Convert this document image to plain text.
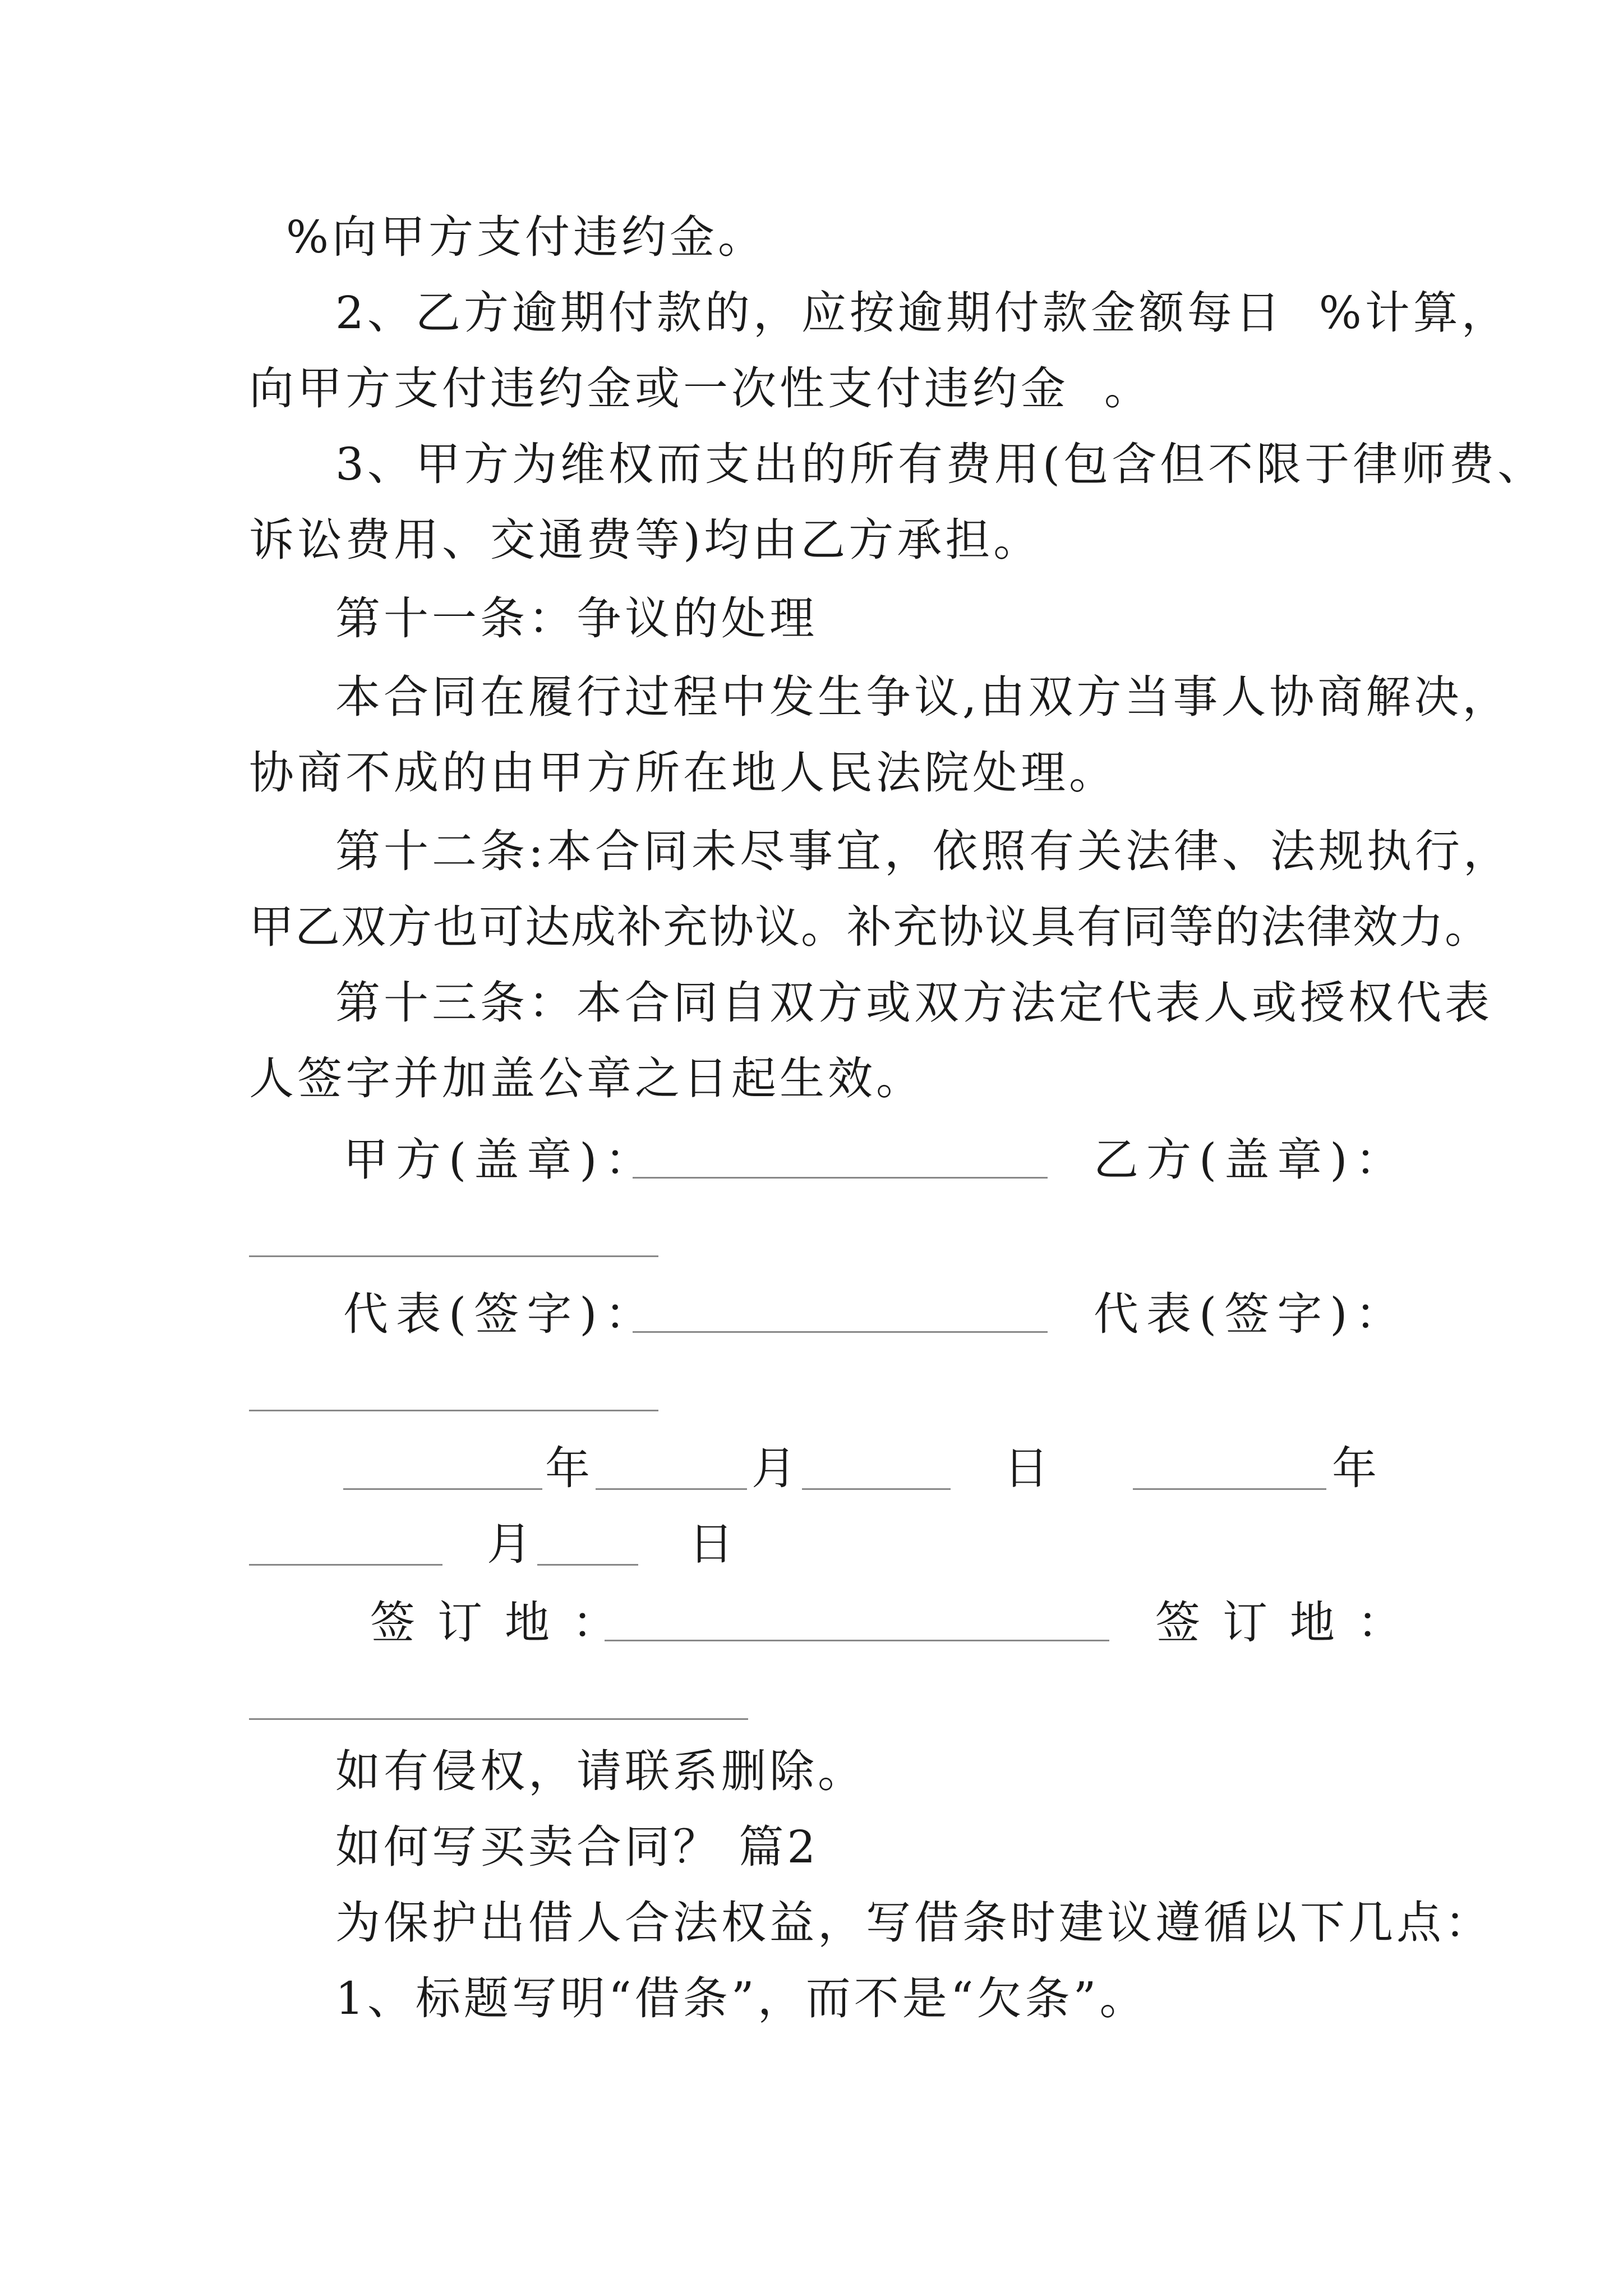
%向甲方支付违约金。
2、乙方逾期付款的，应按逾期付款金额每日  %计算，
向甲方支付违约金或一次性支付违约金  。
3、甲方为维权而支出的所有费用(包含但不限于律师费、
诉讼费用、交通费等)均由乙方承担。
第十一条：争议的处理
本合同在履行过程中发生争议,由双方当事人协商解决，
协商不成的由甲方所在地人民法院处理。
第十二条:本合同未尽事宜，依照有关法律、法规执行，
甲乙双方也可达成补充协议。补充协议具有同等的法律效力。
第十三条：本合同自双方或双方法定代表人或授权代表
人签字并加盖公章之日起生效。
甲方(盖章)：	乙方(盖章)：
代表(签字)：	代表(签字)：
年	月	日	年
月	日
签订地：	签订地：
如有侵权，请联系删除。
如何写买卖合同？ 篇2
为保护出借人合法权益，写借条时建议遵循以下几点：
1、标题写明“借条”，而不是“欠条”。
